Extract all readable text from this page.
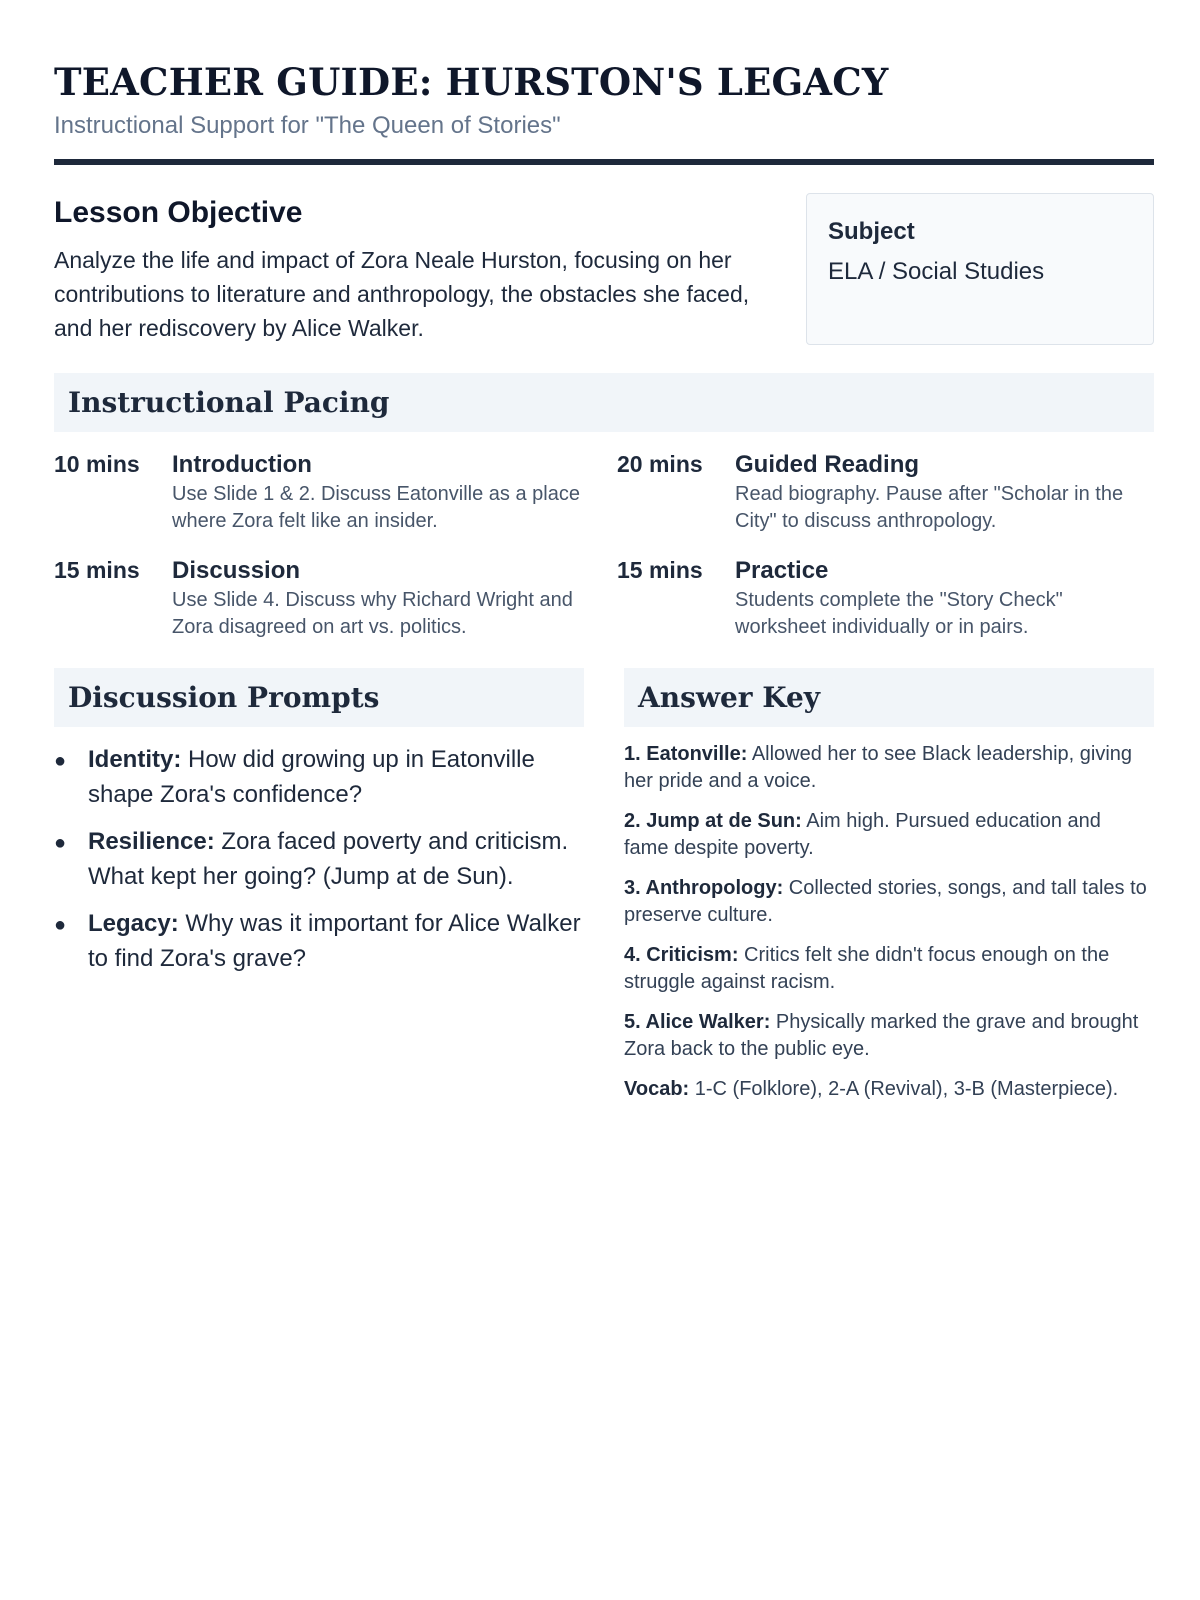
TEACHER GUIDE: HURSTON'S LEGACY
Instructional Support for "The Queen of Stories"
Lesson Objective

Analyze the life and impact of Zora Neale Hurston, focusing on her contributions to literature and anthropology, the obstacles she faced, and her rediscovery by Alice Walker.

Subject
ELA / Social Studies
Instructional Pacing
10 mins	Introduction
Use Slide 1 & 2. Discuss Eatonville as a place where Zora felt like an insider.
20 mins	Guided Reading
Read biography. Pause after "Scholar in the City" to discuss anthropology.
15 mins	Discussion
Use Slide 4. Discuss why Richard Wright and Zora disagreed on art vs. politics.
15 mins	Practice
Students complete the "Story Check" worksheet individually or in pairs.
Discussion Prompts
● Identity: How did growing up in Eatonville shape Zora's confidence?
● Resilience: Zora faced poverty and criticism. What kept her going? (Jump at de Sun).
● Legacy: Why was it important for Alice Walker to find Zora's grave?
Answer Key
1. Eatonville: Allowed her to see Black leadership, giving her pride and a voice.
2. Jump at de Sun: Aim high. Pursued education and fame despite poverty.
3. Anthropology: Collected stories, songs, and tall tales to preserve culture.
4. Criticism: Critics felt she didn't focus enough on the struggle against racism.
5. Alice Walker: Physically marked the grave and brought Zora back to the public eye.
Vocab: 1-C (Folklore), 2-A (Revival), 3-B (Masterpiece).
